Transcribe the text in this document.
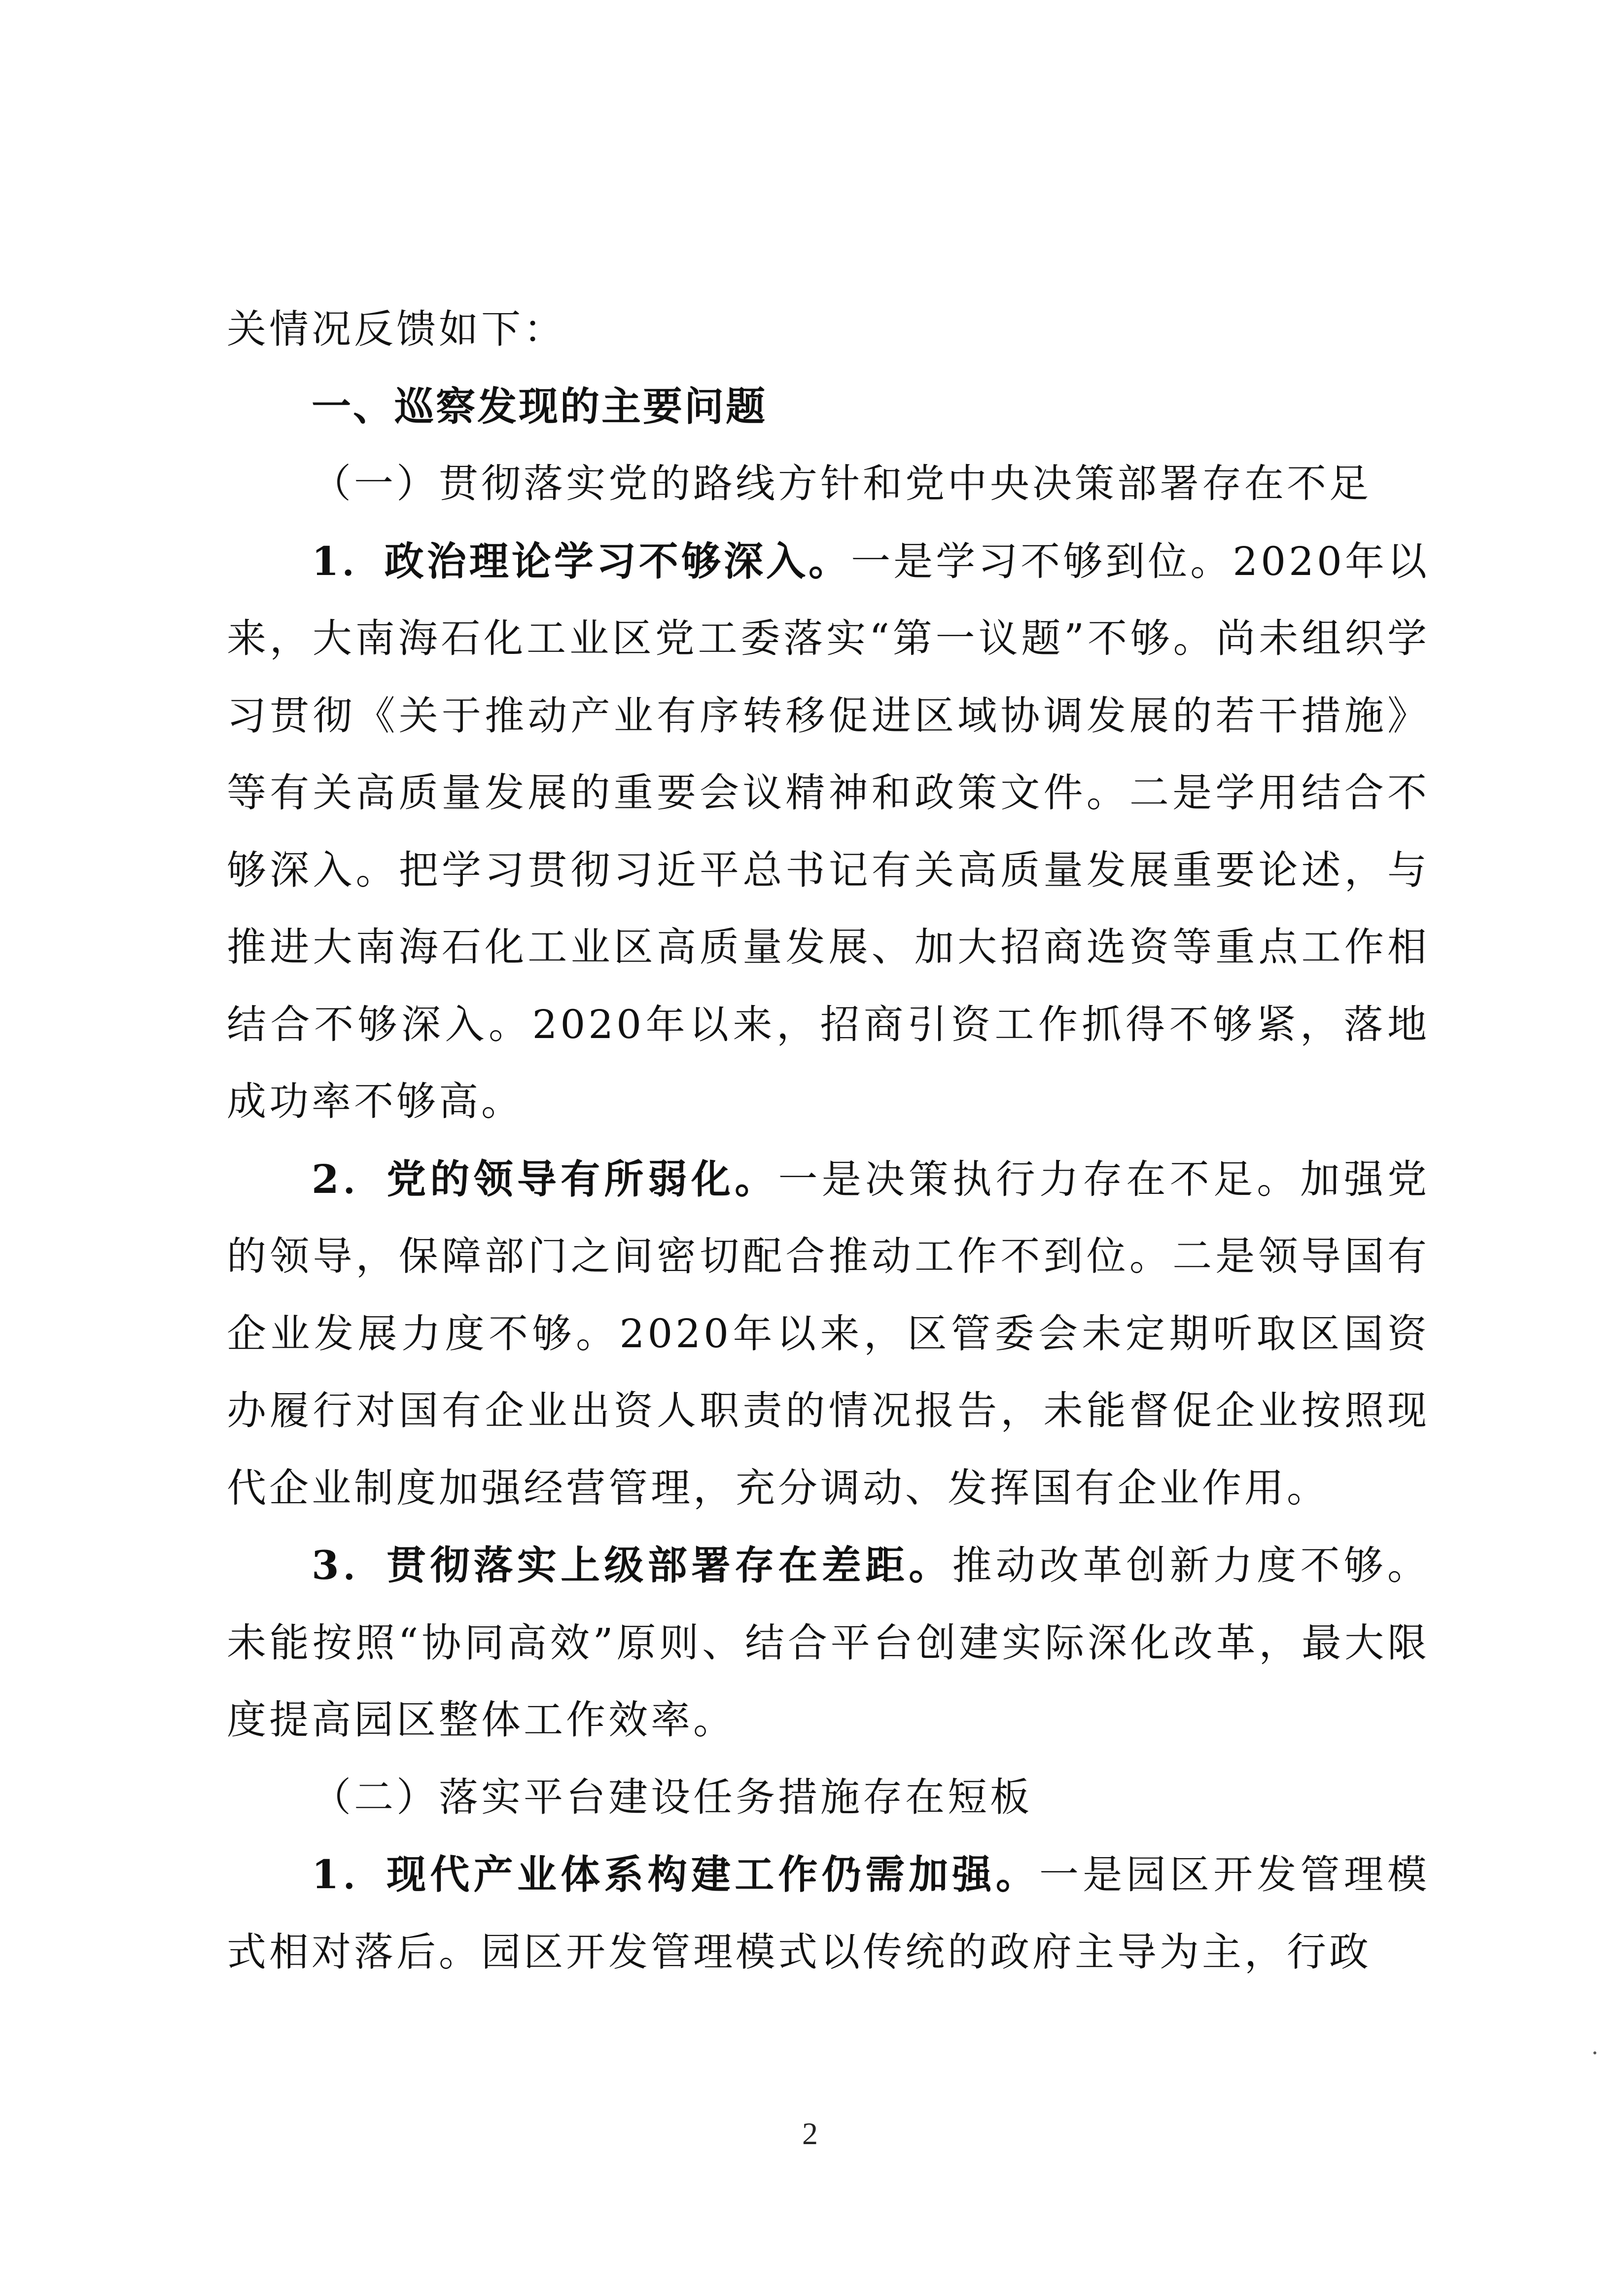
关情况反馈如下：

一、巡察发现的主要问题

（一）贯彻落实党的路线方针和党中央决策部署存在不足

1．政治理论学习不够深入。一是学习不够到位。2020年以来，大南海石化工业区党工委落实“第一议题”不够。尚未组织学习贯彻《关于推动产业有序转移促进区域协调发展的若干措施》等有关高质量发展的重要会议精神和政策文件。二是学用结合不够深入。把学习贯彻习近平总书记有关高质量发展重要论述，与推进大南海石化工业区高质量发展、加大招商选资等重点工作相结合不够深入。2020年以来，招商引资工作抓得不够紧，落地成功率不够高。

2．党的领导有所弱化。一是决策执行力存在不足。加强党的领导，保障部门之间密切配合推动工作不到位。二是领导国有企业发展力度不够。2020年以来，区管委会未定期听取区国资办履行对国有企业出资人职责的情况报告，未能督促企业按照现代企业制度加强经营管理，充分调动、发挥国有企业作用。

3．贯彻落实上级部署存在差距。推动改革创新力度不够。未能按照“协同高效”原则、结合平台创建实际深化改革，最大限度提高园区整体工作效率。

（二）落实平台建设任务措施存在短板

1．现代产业体系构建工作仍需加强。一是园区开发管理模式相对落后。园区开发管理模式以传统的政府主导为主，行政

2
